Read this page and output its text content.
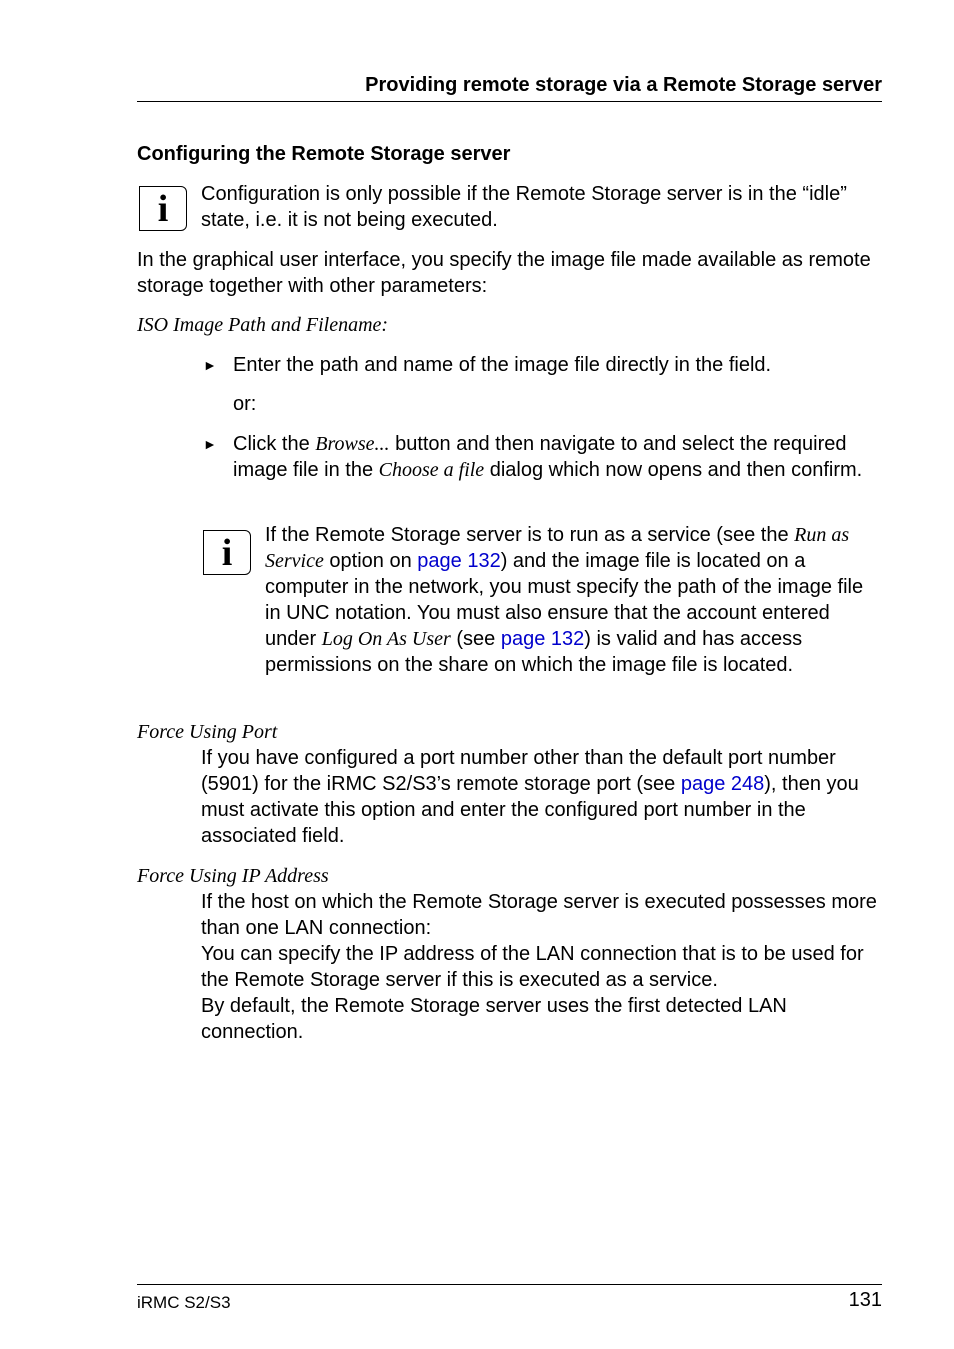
Providing remote storage via a Remote Storage server
Configuring the Remote Storage server
i	Configuration is only possible if the Remote Storage server is in the “idle” state, i.e. it is not being executed.
In the graphical user interface, you specify the image file made available as remote storage together with other parameters:
ISO Image Path and Filename:
► Enter the path and name of the image file directly in the field.
or:
► Click the Browse... button and then navigate to and select the required image file in the Choose a file dialog which now opens and then confirm.
i	If the Remote Storage server is to run as a service (see the Run as Service option on page 132) and the image file is located on a computer in the network, you must specify the path of the image file in UNC notation. You must also ensure that the account entered under Log On As User (see page 132) is valid and has access permissions on the share on which the image file is located.
Force Using Port
If you have configured a port number other than the default port number (5901) for the iRMC S2/S3’s remote storage port (see page 248), then you must activate this option and enter the configured port number in the associated field.
Force Using IP Address
If the host on which the Remote Storage server is executed possesses more than one LAN connection:
You can specify the IP address of the LAN connection that is to be used for the Remote Storage server if this is executed as a service.
By default, the Remote Storage server uses the first detected LAN connection.
iRMC S2/S3	131
